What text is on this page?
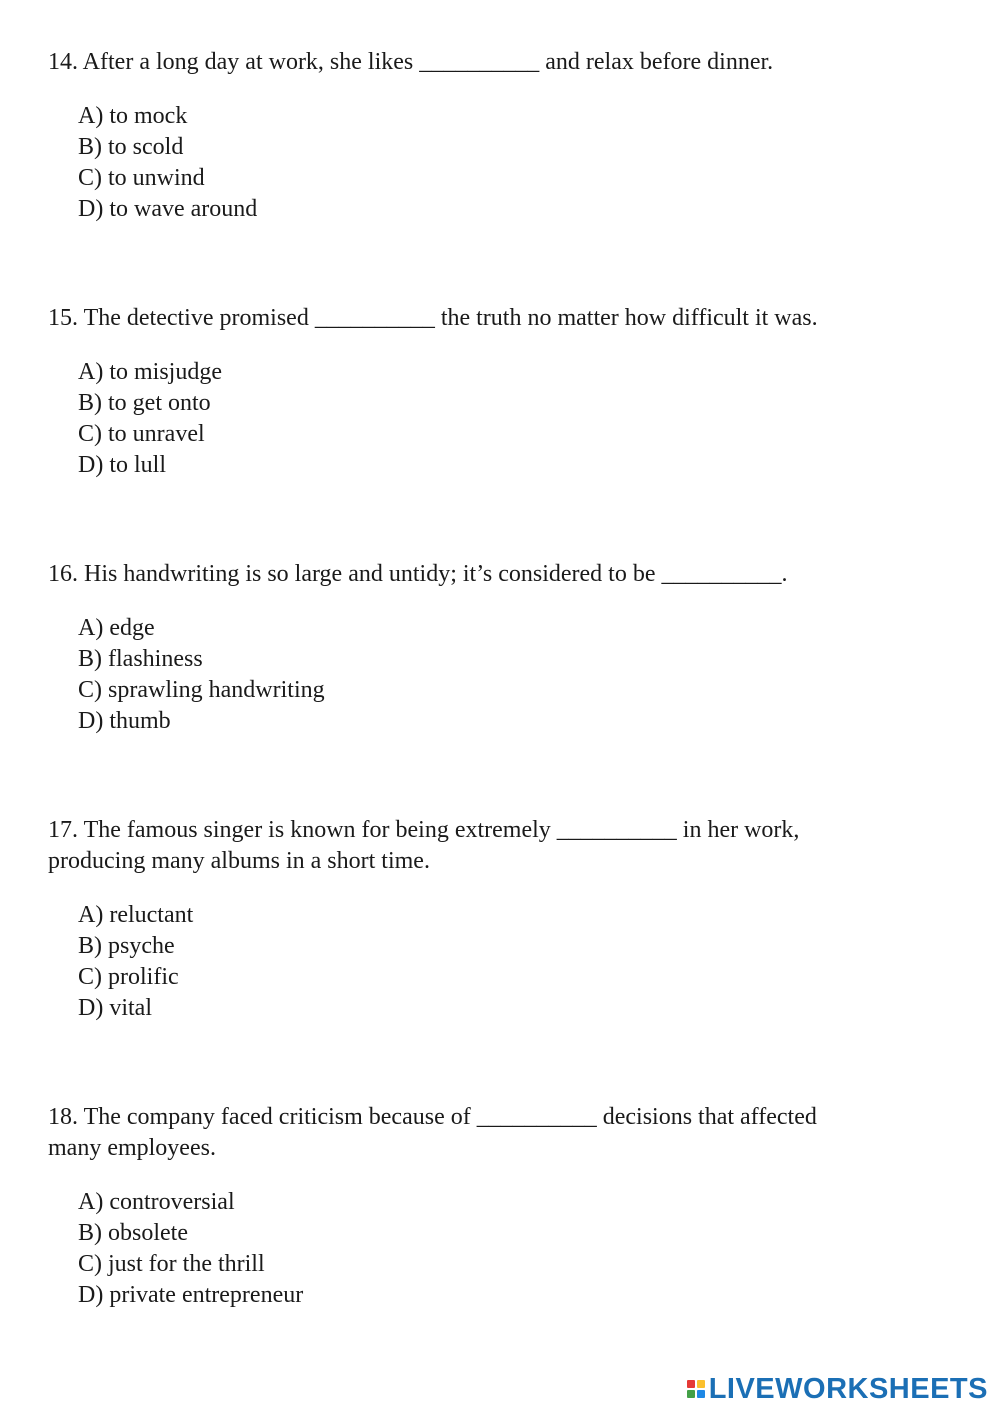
14. After a long day at work, she likes __________ and relax before dinner.

A) to mock
B) to scold
C) to unwind
D) to wave around

15. The detective promised __________ the truth no matter how difficult it was.

A) to misjudge
B) to get onto
C) to unravel
D) to lull

16. His handwriting is so large and untidy; it’s considered to be __________.

A) edge
B) flashiness
C) sprawling handwriting
D) thumb

17. The famous singer is known for being extremely __________ in her work,
producing many albums in a short time.

A) reluctant
B) psyche
C) prolific
D) vital

18. The company faced criticism because of __________ decisions that affected
many employees.

A) controversial
B) obsolete
C) just for the thrill
D) private entrepreneur
LIVEWORKSHEETS
